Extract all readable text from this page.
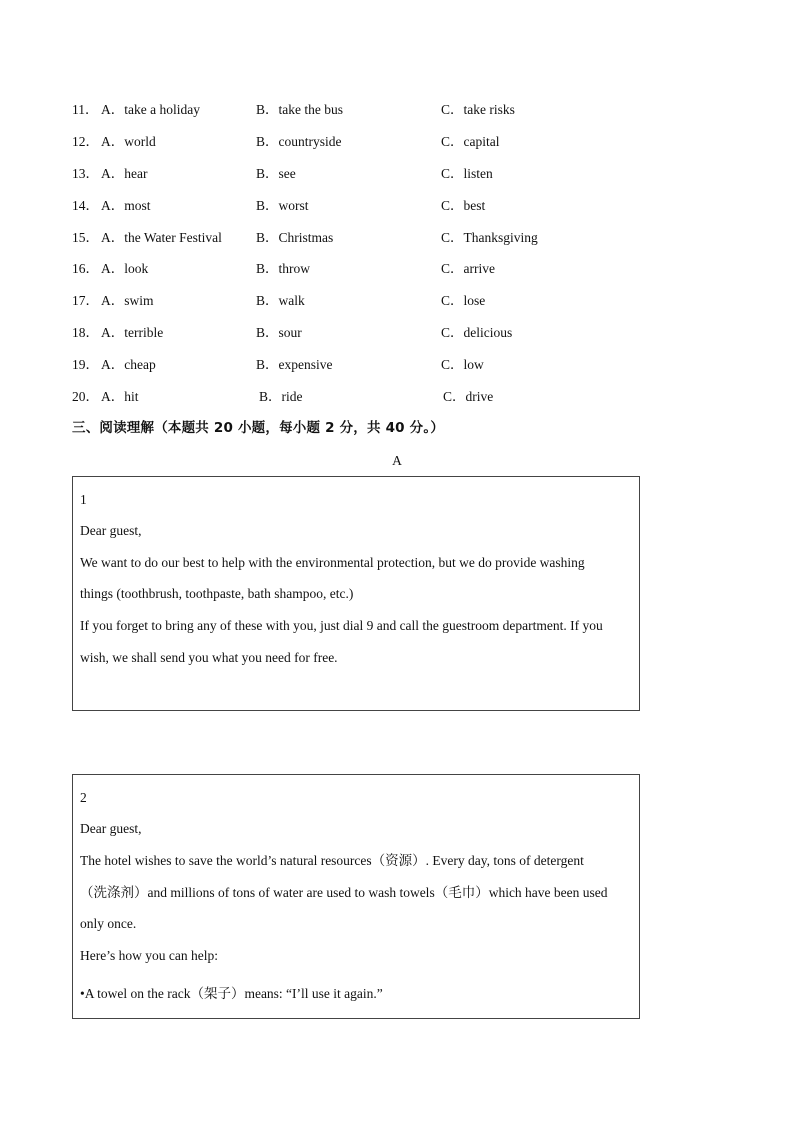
11． A．take a holiday	B．take the bus	C．take risks
12． A．world	B．countryside	C．capital
13． A．hear	B．see	C．listen
14． A．most	B．worst	C．best
15． A．the Water Festival	B．Christmas	C．Thanksgiving
16． A．look	B．throw	C．arrive
17． A．swim	B．walk	C．lose
18． A．terrible	B．sour	C．delicious
19． A．cheap	B．expensive	C．low
20． A．hit	B．ride	C．drive
三、阅读理解（本题共 20 小题，每小题 2 分，共 40 分。）
A
1
Dear guest,
We want to do our best to help with the environmental protection, but we do provide washing
things (toothbrush, toothpaste, bath shampoo, etc.)
If you forget to bring any of these with you, just dial 9 and call the guestroom department. If you
wish, we shall send you what you need for free.
2
Dear guest,
The hotel wishes to save the world’s natural resources（资源）. Every day, tons of detergent
（洗涤剂）and millions of tons of water are used to wash towels（毛巾）which have been used
only once.
Here’s how you can help:
•A towel on the rack（架子）means: “I’ll use it again.”
